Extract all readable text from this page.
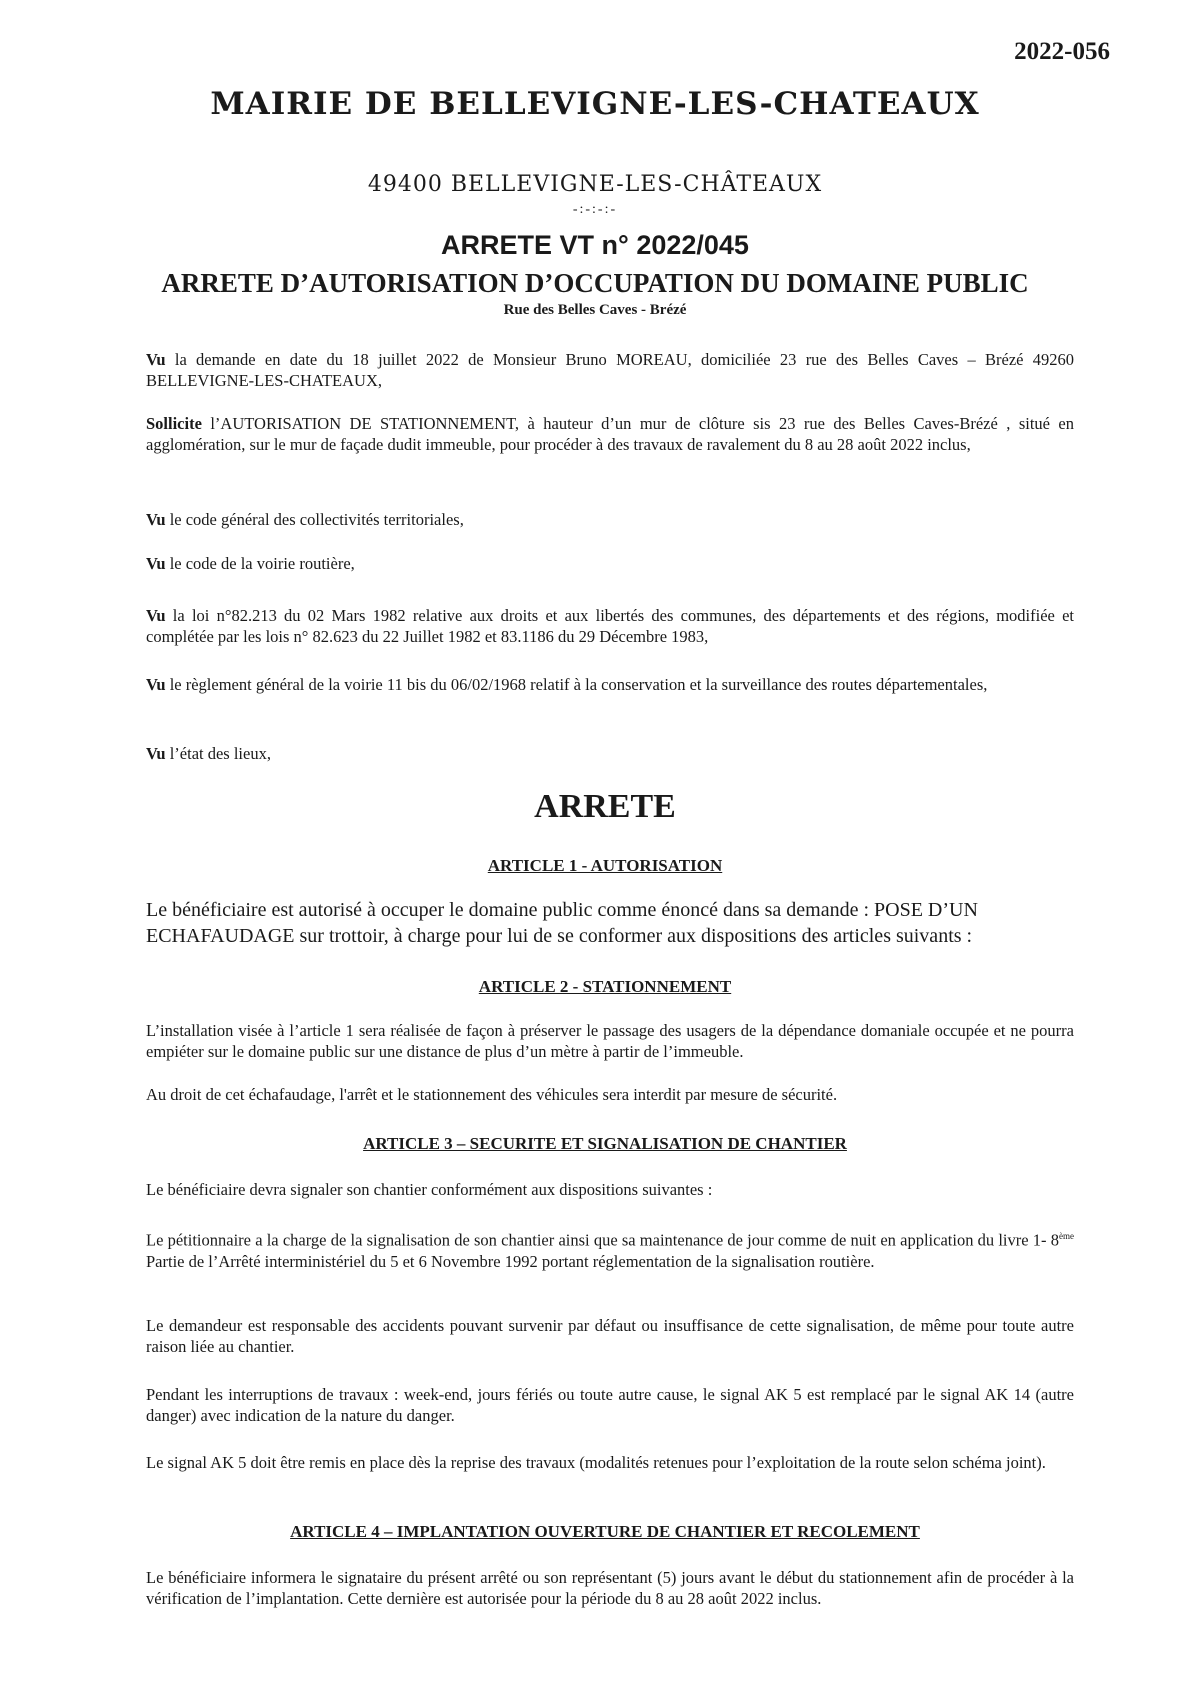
2022-056
MAIRIE DE BELLEVIGNE-LES-CHATEAUX
49400 BELLEVIGNE-LES-CHÂTEAUX
-:-:-:-
ARRETE VT n° 2022/045
ARRETE D’AUTORISATION D’OCCUPATION DU DOMAINE PUBLIC
Rue des Belles Caves - Brézé
Vu la demande en date du 18 juillet 2022 de Monsieur Bruno MOREAU, domiciliée 23 rue des Belles Caves – Brézé 49260 BELLEVIGNE-LES-CHATEAUX,
Sollicite l’AUTORISATION DE STATIONNEMENT, à hauteur d’un mur de clôture sis 23 rue des Belles Caves-Brézé , situé en agglomération, sur le mur de façade dudit immeuble, pour procéder à des travaux de ravalement du 8 au 28 août 2022 inclus,
Vu le code général des collectivités territoriales,
Vu le code de la voirie routière,
Vu la loi n°82.213 du 02 Mars 1982 relative aux droits et aux libertés des communes, des départements et des régions, modifiée et complétée par les lois n° 82.623 du 22 Juillet 1982 et 83.1186 du 29 Décembre 1983,
Vu le règlement général de la voirie 11 bis du 06/02/1968 relatif à la conservation et la surveillance des routes départementales,
Vu l’état des lieux,
ARRETE
ARTICLE 1 - AUTORISATION
Le bénéficiaire est autorisé à occuper le domaine public comme énoncé dans sa demande : POSE D’UN ECHAFAUDAGE sur trottoir, à charge pour lui de se conformer aux dispositions des articles suivants :
ARTICLE 2 - STATIONNEMENT
L’installation visée à l’article 1 sera réalisée de façon à préserver le passage des usagers de la dépendance domaniale occupée et ne pourra empiéter sur le domaine public sur une distance de plus d’un mètre à partir de l’immeuble.
Au droit de cet échafaudage, l'arrêt et le stationnement des véhicules sera interdit par mesure de sécurité.
ARTICLE 3 – SECURITE ET SIGNALISATION DE CHANTIER
Le bénéficiaire devra signaler son chantier conformément aux dispositions suivantes :
Le pétitionnaire a la charge de la signalisation de son chantier ainsi que sa maintenance de jour comme de nuit en application du livre 1- 8ème Partie de l’Arrêté interministériel du 5 et 6 Novembre 1992 portant réglementation de la signalisation routière.
Le demandeur est responsable des accidents pouvant survenir par défaut ou insuffisance de cette signalisation, de même pour toute autre raison liée au chantier.
Pendant les interruptions de travaux : week-end, jours fériés ou toute autre cause, le signal AK 5 est remplacé par le signal AK 14 (autre danger) avec indication de la nature du danger.
Le signal AK 5 doit être remis en place dès la reprise des travaux (modalités retenues pour l’exploitation de la route selon schéma joint).
ARTICLE 4 – IMPLANTATION OUVERTURE DE CHANTIER ET RECOLEMENT
Le bénéficiaire informera le signataire du présent arrêté ou son représentant (5) jours avant le début du stationnement afin de procéder à la vérification de l’implantation. Cette dernière est autorisée pour la période du 8 au 28 août 2022 inclus.
